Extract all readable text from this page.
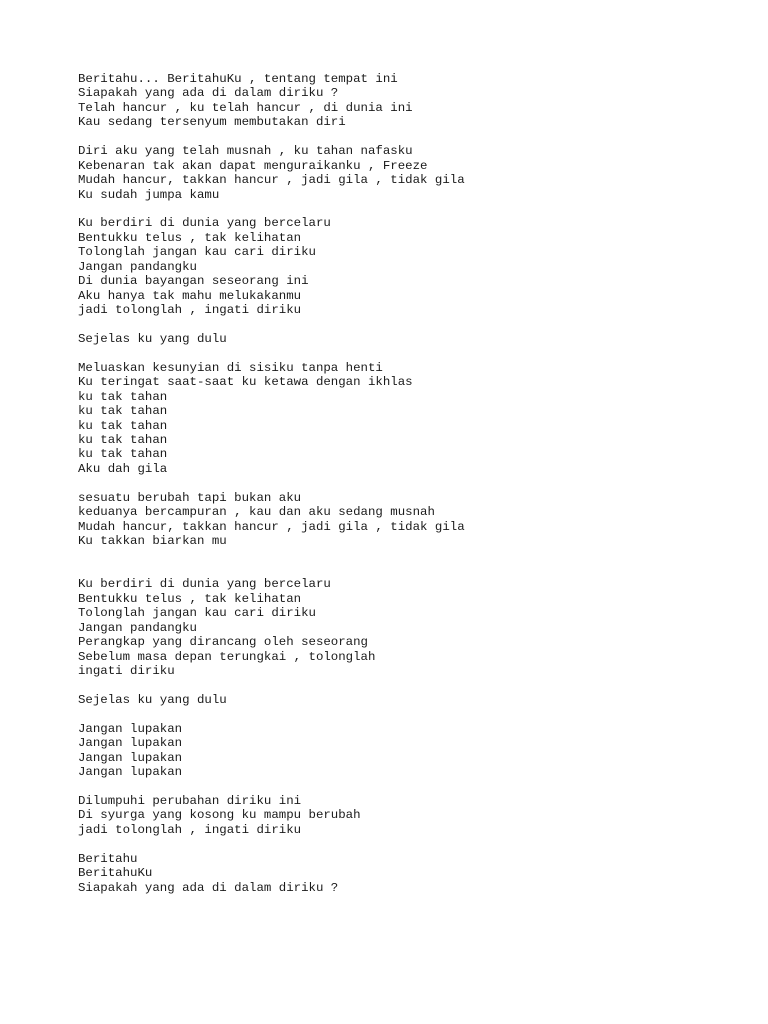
Beritahu... BeritahuKu , tentang tempat ini
Siapakah yang ada di dalam diriku ?
Telah hancur , ku telah hancur , di dunia ini
Kau sedang tersenyum membutakan diri
Diri aku yang telah musnah , ku tahan nafasku
Kebenaran tak akan dapat menguraikanku , Freeze
Mudah hancur, takkan hancur , jadi gila , tidak gila
Ku sudah jumpa kamu
Ku berdiri di dunia yang bercelaru
Bentukku telus , tak kelihatan
Tolonglah jangan kau cari diriku
Jangan pandangku
Di dunia bayangan seseorang ini
Aku hanya tak mahu melukakanmu
jadi tolonglah , ingati diriku
Sejelas ku yang dulu
Meluaskan kesunyian di sisiku tanpa henti
Ku teringat saat-saat ku ketawa dengan ikhlas
ku tak tahan
ku tak tahan
ku tak tahan
ku tak tahan
ku tak tahan
Aku dah gila
sesuatu berubah tapi bukan aku
keduanya bercampuran , kau dan aku sedang musnah
Mudah hancur, takkan hancur , jadi gila , tidak gila
Ku takkan biarkan mu
Ku berdiri di dunia yang bercelaru
Bentukku telus , tak kelihatan
Tolonglah jangan kau cari diriku
Jangan pandangku
Perangkap yang dirancang oleh seseorang
Sebelum masa depan terungkai , tolonglah
ingati diriku
Sejelas ku yang dulu
Jangan lupakan
Jangan lupakan
Jangan lupakan
Jangan lupakan
Dilumpuhi perubahan diriku ini
Di syurga yang kosong ku mampu berubah
jadi tolonglah , ingati diriku
Beritahu
BeritahuKu
Siapakah yang ada di dalam diriku ?
